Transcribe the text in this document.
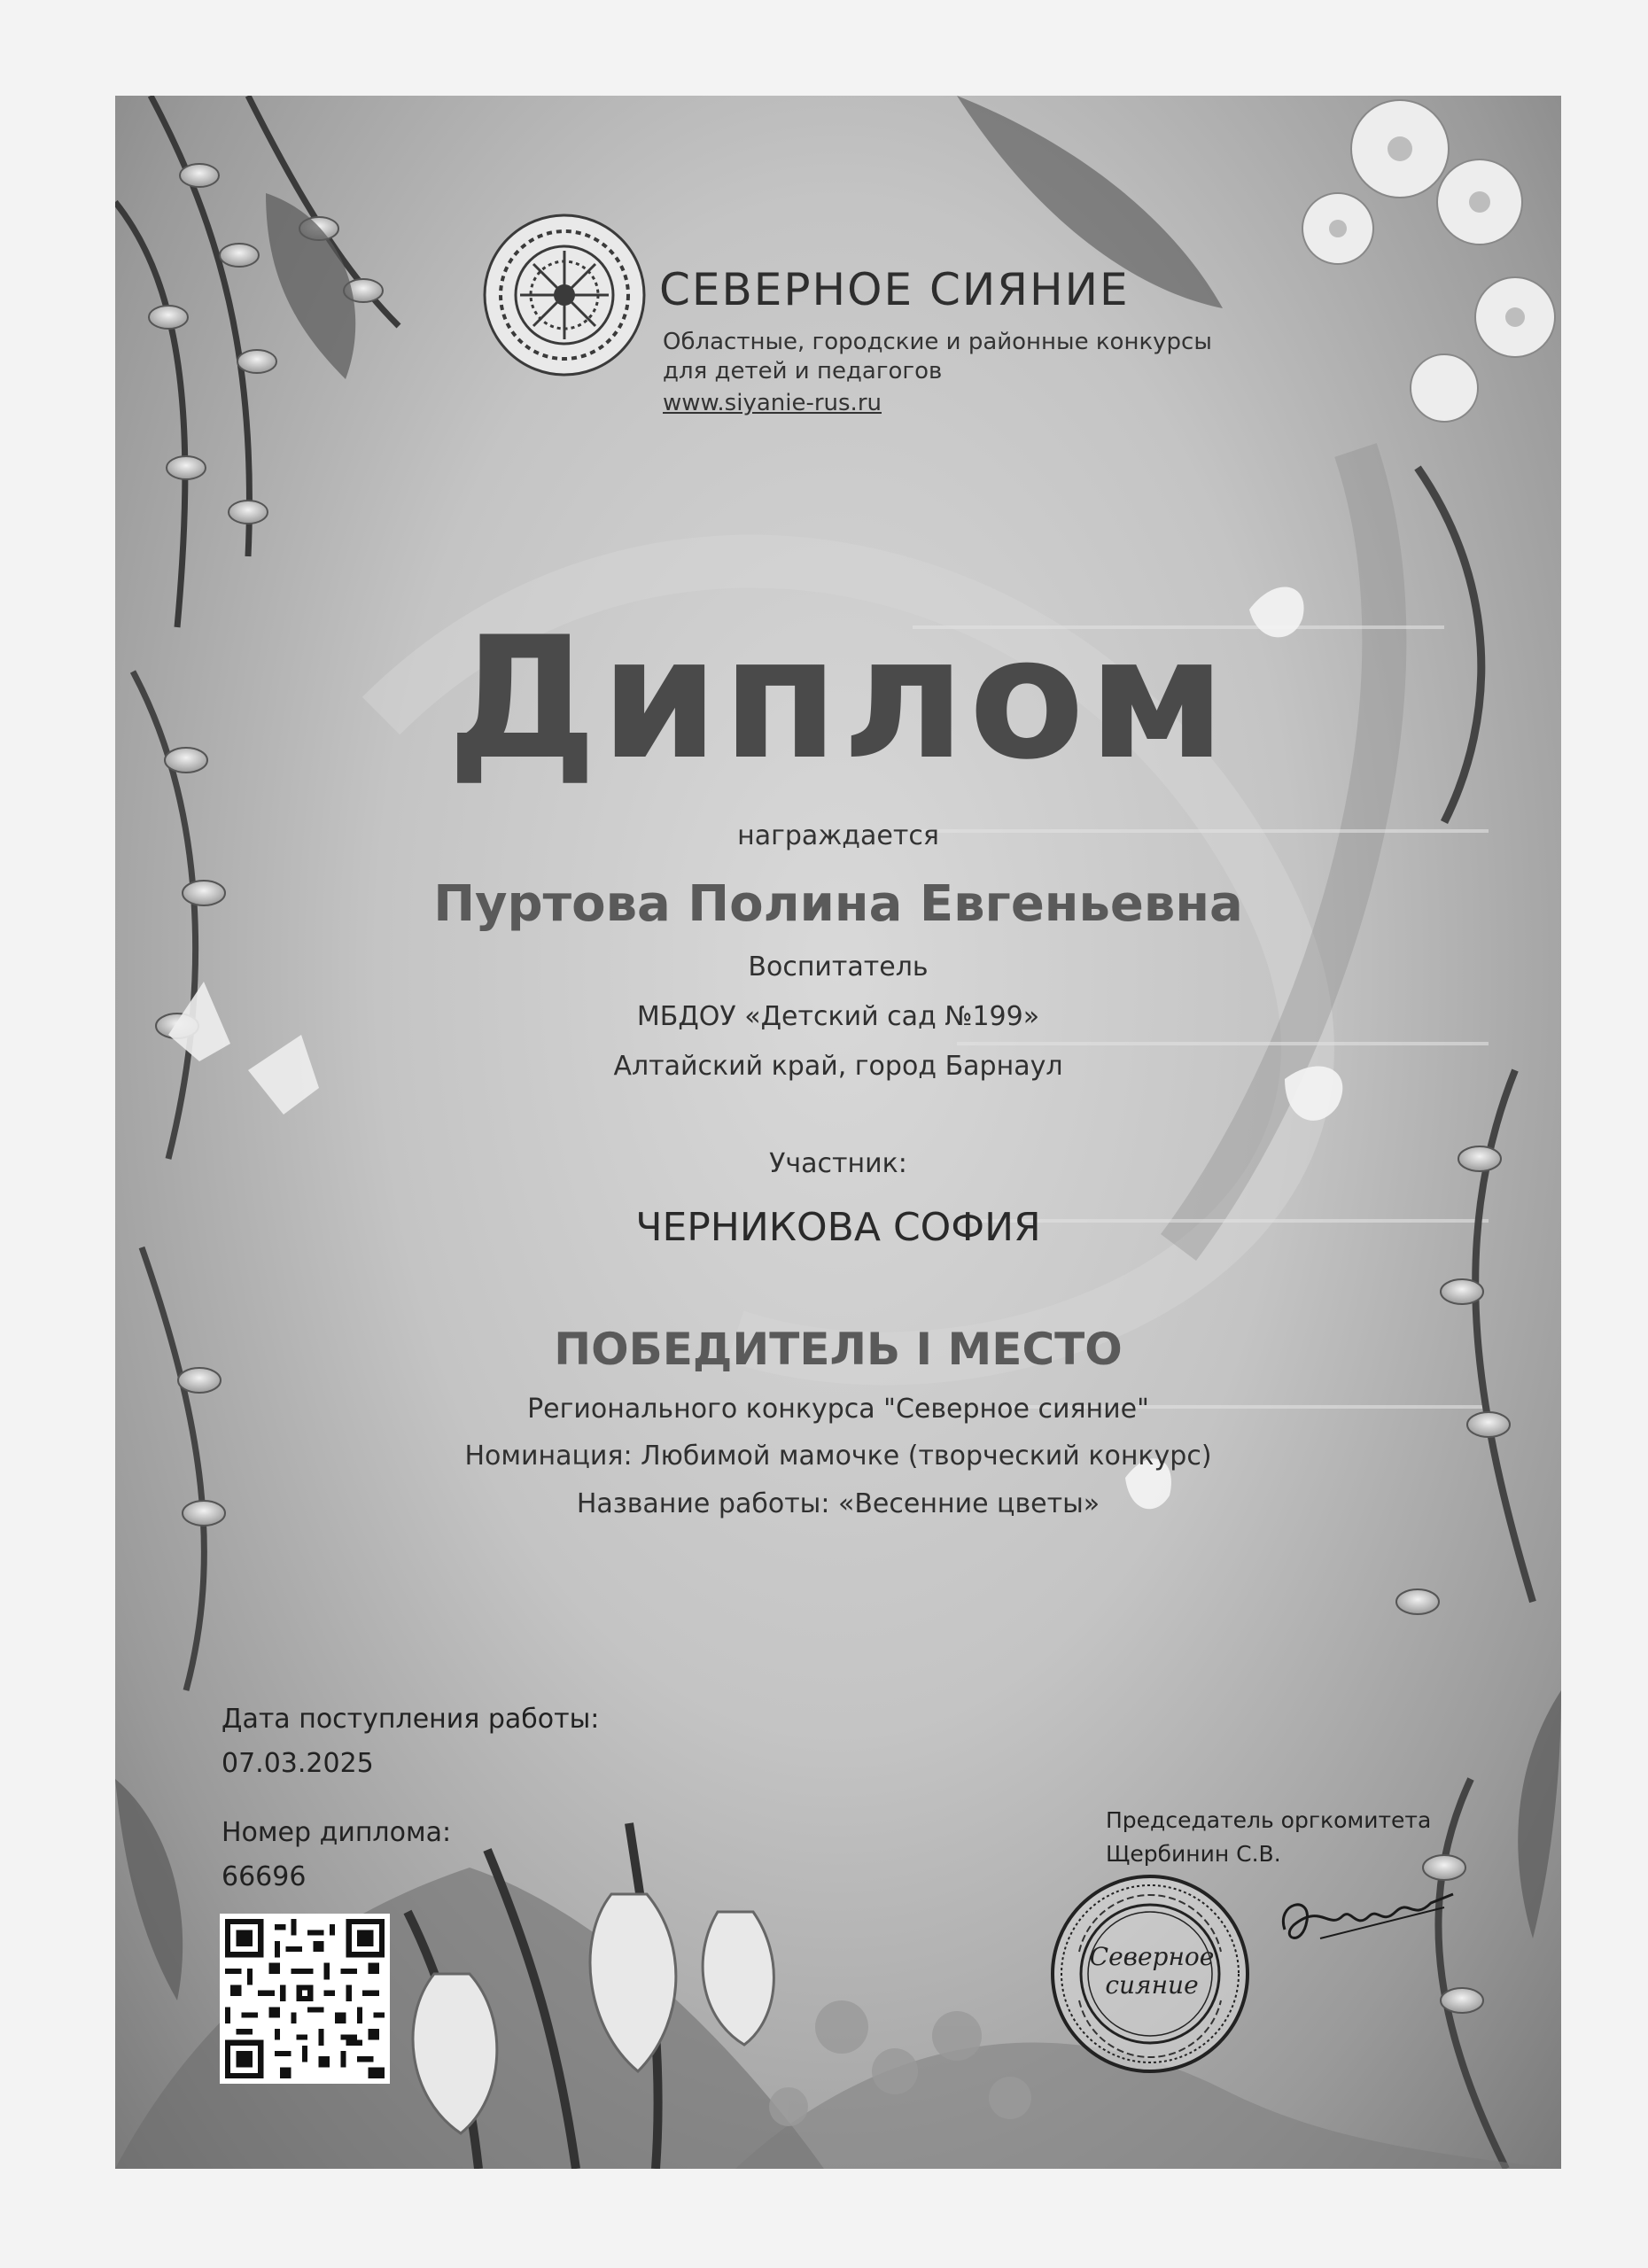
СЕВЕРНОЕ СИЯНИЕ
Областные, городские и районные конкурсы
для детей и педагогов
www.siyanie-rus.ru
Диплом
награждается
Пуртова Полина Евгеньевна
Воспитатель
МБДОУ «Детский сад №199»
Алтайский край, город Барнаул
Участник:
ЧЕРНИКОВА СОФИЯ
ПОБЕДИТЕЛЬ I МЕСТО
Регионального конкурса "Северное сияние"
Номинация: Любимой мамочке (творческий конкурс)
Название работы: «Весенние цветы»
Дата поступления работы:
07.03.2025
Номер диплома:
66696
Председатель оргкомитета
Щербинин С.В.
Северное
сияние
